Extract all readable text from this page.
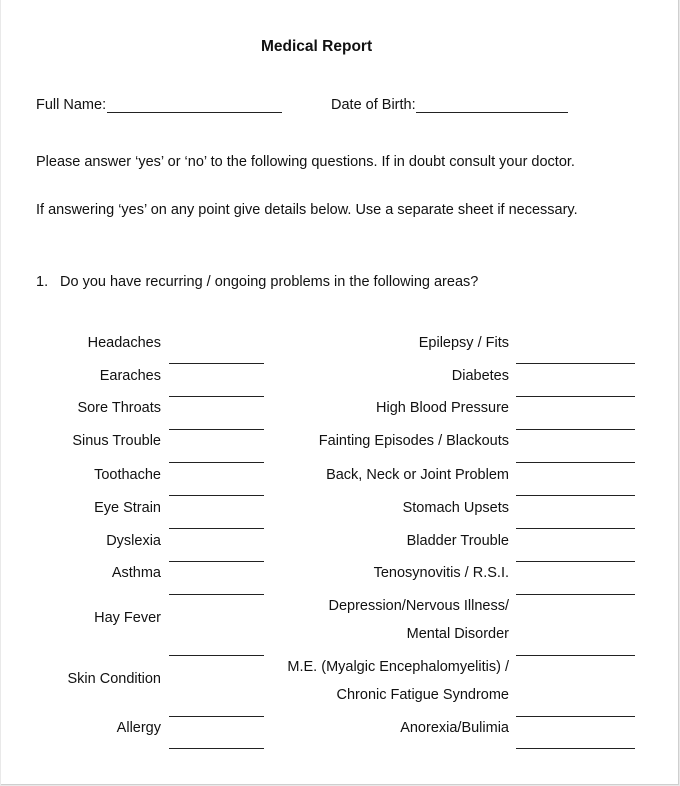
Medical Report
Full Name:	Date of Birth:
Please answer ‘yes’ or ‘no’ to the following questions. If in doubt consult your doctor.
If answering ‘yes’ on any point give details below. Use a separate sheet if necessary.
1. Do you have recurring / ongoing problems in the following areas?
Headaches
Earaches
Sore Throats
Sinus Trouble
Toothache
Eye Strain
Dyslexia
Asthma
Hay Fever
Skin Condition
Allergy
Epilepsy / Fits
Diabetes
High Blood Pressure
Fainting Episodes / Blackouts
Back, Neck or Joint Problem
Stomach Upsets
Bladder Trouble
Tenosynovitis / R.S.I.
Depression/Nervous Illness/
Mental Disorder
M.E. (Myalgic Encephalomyelitis) /
Chronic Fatigue Syndrome
Anorexia/Bulimia
